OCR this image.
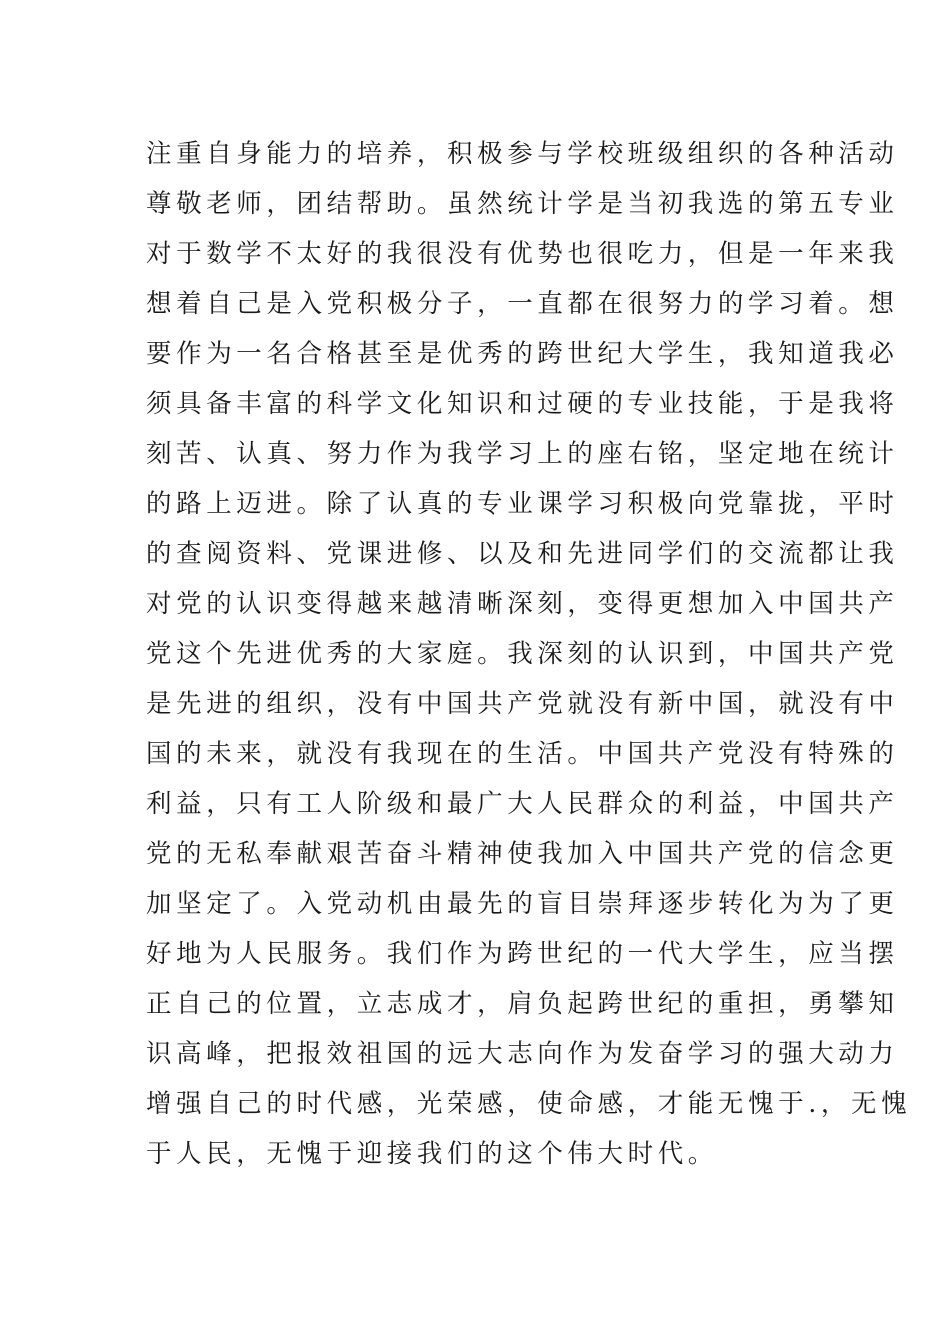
注重自身能力的培养，积极参与学校班级组织的各种活动
尊敬老师，团结帮助。虽然统计学是当初我选的第五专业
对于数学不太好的我很没有优势也很吃力，但是一年来我
想着自己是入党积极分子，一直都在很努力的学习着。想
要作为一名合格甚至是优秀的跨世纪大学生，我知道我必
须具备丰富的科学文化知识和过硬的专业技能，于是我将
刻苦、认真、努力作为我学习上的座右铭，坚定地在统计
的路上迈进。除了认真的专业课学习积极向党靠拢，平时
的查阅资料、党课进修、以及和先进同学们的交流都让我
对党的认识变得越来越清晰深刻，变得更想加入中国共产
党这个先进优秀的大家庭。我深刻的认识到，中国共产党
是先进的组织，没有中国共产党就没有新中国，就没有中
国的未来，就没有我现在的生活。中国共产党没有特殊的
利益，只有工人阶级和最广大人民群众的利益，中国共产
党的无私奉献艰苦奋斗精神使我加入中国共产党的信念更
加坚定了。入党动机由最先的盲目崇拜逐步转化为为了更
好地为人民服务。我们作为跨世纪的一代大学生，应当摆
正自己的位置，立志成才，肩负起跨世纪的重担，勇攀知
识高峰，把报效祖国的远大志向作为发奋学习的强大动力
增强自己的时代感，光荣感，使命感，才能无愧于.，无愧
于人民，无愧于迎接我们的这个伟大时代。
